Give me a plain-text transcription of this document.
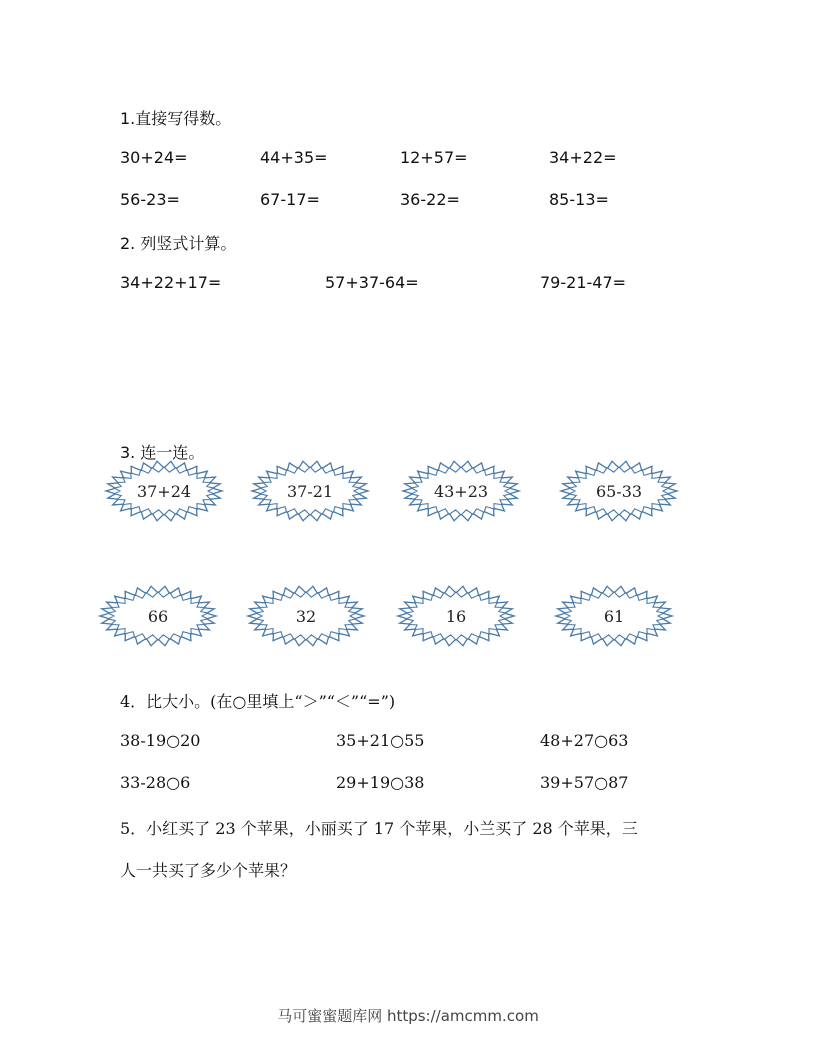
1.直接写得数。
30+24=	44+35=	12+57=	34+22=
56-23=	67-17=	36-22=	85-13=
2. 列竖式计算。
34+22+17=	57+37-64=	79-21-47=
3. 连一连。
37+24	37-21	43+23	65-33
66	32	16	61
4．比大小。(在○里填上“＞”“＜”“=”)
38-19○20	35+21○55	48+27○63
33-28○6	29+19○38	39+57○87
5．小红买了 23 个苹果，小丽买了 17 个苹果，小兰买了 28 个苹果，三
人一共买了多少个苹果？
马可蜜蜜题库网 https://amcmm.com
